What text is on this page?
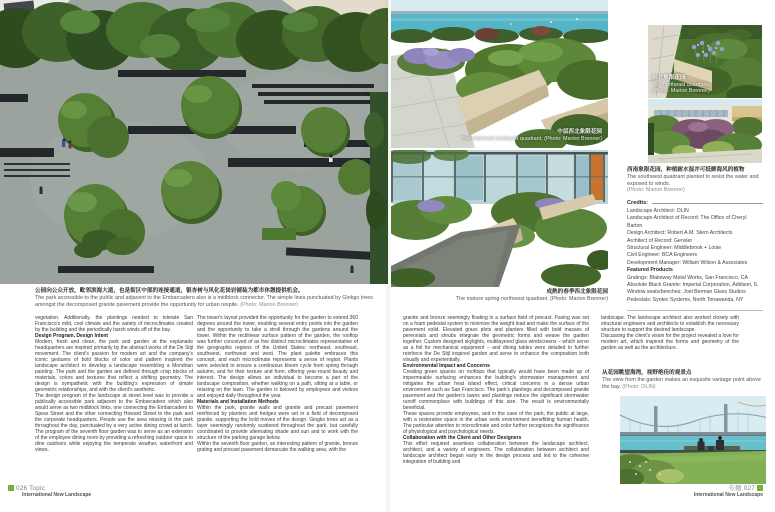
公园向公众开放，毗邻滨海大道，也是街区中部的连接通道，银杏树与风化花岗岩铺装为都市休憩提供机会。

The park accessible to the public and adjacent to the Embarcadero also is a midblock connector. The simple lines punctuated by Ginkgo trees amongst the decomposed granite pavement provide the opportunity for urban respite. (Photo: Marion Brenner)

中层西北象限花园

The mid-level northwest quadrant. (Photo: Marion Brenner)

成熟的春季西北象限花园

The mature spring northwest quadrant. (Photo: Marion Brenner)

东北象限花园

The northeast quadrant.

(Photo: Marion Brenner)

西南象限花园，种植耐水湿并可抵御海风的植物

The southwest quadrant planted to resist the water and exposed to winds.

(Photo: Marion Brenner)

Credits:
Landscape Architect: OLIN
Landscape Architect of Record: The Office of Cheryl Barton
Design Architect: Robert A.M. Stern Architects
Architect of Record: Gensler
Structural Engineer: Middlebrook + Louie
Civil Engineer: BCA Engineers
Development Manager: William Wilson & Associates
Featured Products
Gratings: Blakeway Metal Works, San Francisco, CA
Absolute Black Granite: Imperial Corporation, Addison, IL
Window seats/benches: Joel Berman Glass Studios
Pedestals: Syntec Systems, North Tonawanda, NY

vegetation. Additionally, the plantings needed to tolerate San Francisco's mild, cool climate and the variety of microclimates created by the building and the periodically harsh winds off of the bay.

Design Program, Design Intent

Modern, fresh and clean, the park and garden at the esplanade headquarters are inspired primarily by the abstract works of the De Stijl movement. The client's passion for modern art and the company's iconic gestures of bold blocks of color and pattern inspired the landscape architect to develop a landscape resembling a Mondrian painting. The park and the garden are defined through crisp blocks of materials, colors and textures that reflect a shifting geometry. The design is sympathetic with the building's expression of simple geometric relationships, and with the client's aesthetic.

The design program of the landscape at street level was to provide a publically accessible park adjacent to the Embarcadero which also would serve as two midblock links, one connecting the Embarcadero to Spear Street and the other connecting Howard Street to the park and the corporate headquarters. People use the area relaxing in the park throughout the day, punctuated by a very active dining crowd at lunch. The program of the seventh floor garden was to serve as an extension of the employee dining room by providing a refreshing outdoor space to dine outdoors while enjoying the temperate weather, waterfront and views.

The tower's layout provided the opportunity for the garden to extend 360 degrees around the tower, enabling several entry points into the garden and the opportunity to take a stroll through the gardens around the tower. Within the rectilinear surface pattern of the garden, the rooftop was further conceived of as five distinct microclimates representative of the geographic regions of the United States: northeast, southeast, southwest, northwest and west. The plant palette embraces this concept, and each microclimate represents a sense of region. Plants were selected to ensure a continuous bloom cycle from spring through autumn, and for their texture and form, offering year-round beauty and interest. The design allows an individual to become a part of the landscape composition, whether walking on a path, sitting at a table, or relaxing on the lawn. The garden is beloved by employees and visitors and enjoyed daily throughout the year.

Materials and Installation Methods

Within the park, granite walls and granite and precast pavement reinforced by planters and hedges were set in a field of decomposed granite, supporting the bold moves of the design. Gingko trees act as a layer seemingly randomly scattered throughout the park, but carefully coordinated to provide alternating shade and sun and to work with the structure of the parking garage below.

Within the seventh floor garden, an interesting pattern of granite, bronze grating and precast pavement demarcate the walking area, with the

granite and bronze seemingly floating in a surface field of precast. Paving was set on a foam pedestal system to minimize the weight load and make the surface of the pavement solid. Elevated grass plots and planters filled with bold masses of perennials and shrubs integrate the geometric forms and weave the garden together. Custom designed skylights, multilayered glass windscreens – which serve as a foil for mechanical equipment – and dining tables were detailed to further reinforce the De Stijl inspired garden and serve to enhance the composition both visually and experientially.

Environmental Impact and Concerns

Creating green spaces on rooftops that typically would have been made up of impermeable surfacing enhances the building's stormwater management and mitigates the urban heat island effect, critical concerns in a dense urban environment such as San Francisco. The park's plantings and decomposed granite pavement and the garden's lawns and plantings reduce the significant stormwater runoff commonplace with buildings of this size. The result is environmentally beneficial.

These spaces provide employees, and in the case of the park, the public at large, with a restorative space in the urban work environment benefitting human health. The particular attention to microclimate and color further recognizes the significance of physiological and psychological needs.

Collaboration with the Client and Other Designers

This effort required seamless collaboration between the landscape architect, architect, and a variety of engineers. The collaboration between architect and landscape architect began early in the design process and led to the cohesive integration of building and

landscape. The landscape architect also worked closely with structural engineers and architects to establish the necessary structure to support the desired landscape.

Discussing the client's vision for the project revealed a love for modern art, which inspired the forms and geometry of the garden as well as the architecture.

从花园眺望海湾，视野绝佳的观景点

The view from the garden makes an exquisite vantage point above the bay. (Photo: OLIN)

026 Topic
International New Landscape
专题 027
International New Landscape
